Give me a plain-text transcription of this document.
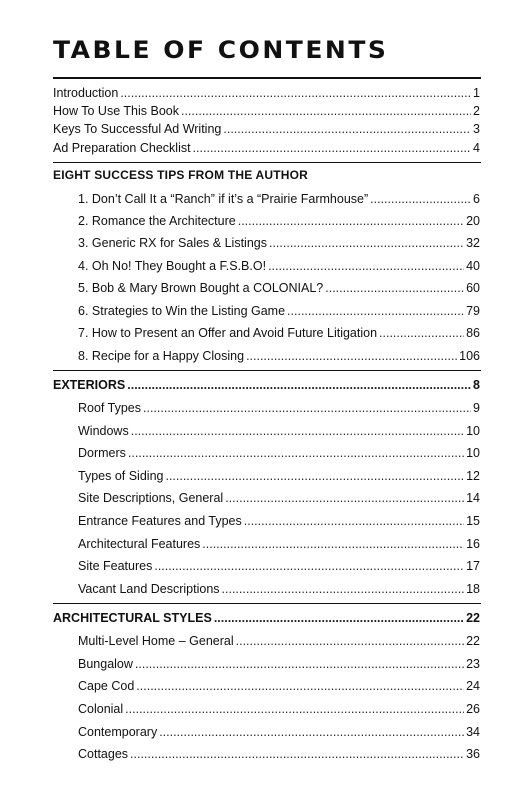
TABLE OF CONTENTS
Introduction .....	1
How To Use This Book .....	2
Keys To Successful Ad Writing .....	3
Ad Preparation Checklist .....	4
EIGHT SUCCESS TIPS FROM THE AUTHOR
1. Don’t Call It a “Ranch” if it’s a “Prairie Farmhouse” .....	6
2. Romance the Architecture .....	20
3. Generic RX for Sales & Listings .....	32
4. Oh No! They Bought a F.S.B.O! .....	40
5. Bob & Mary Brown Bought a COLONIAL? .....	60
6. Strategies to Win the Listing Game .....	79
7. How to Present an Offer and Avoid Future Litigation .....	86
8. Recipe for a Happy Closing .....	106
EXTERIORS .....	8
Roof Types .....	9
Windows .....	10
Dormers .....	10
Types of Siding .....	12
Site Descriptions, General .....	14
Entrance Features and Types .....	15
Architectural Features .....	16
Site Features .....	17
Vacant Land Descriptions .....	18
ARCHITECTURAL STYLES .....	22
Multi-Level Home – General .....	22
Bungalow .....	23
Cape Cod .....	24
Colonial .....	26
Contemporary .....	34
Cottages .....	36
